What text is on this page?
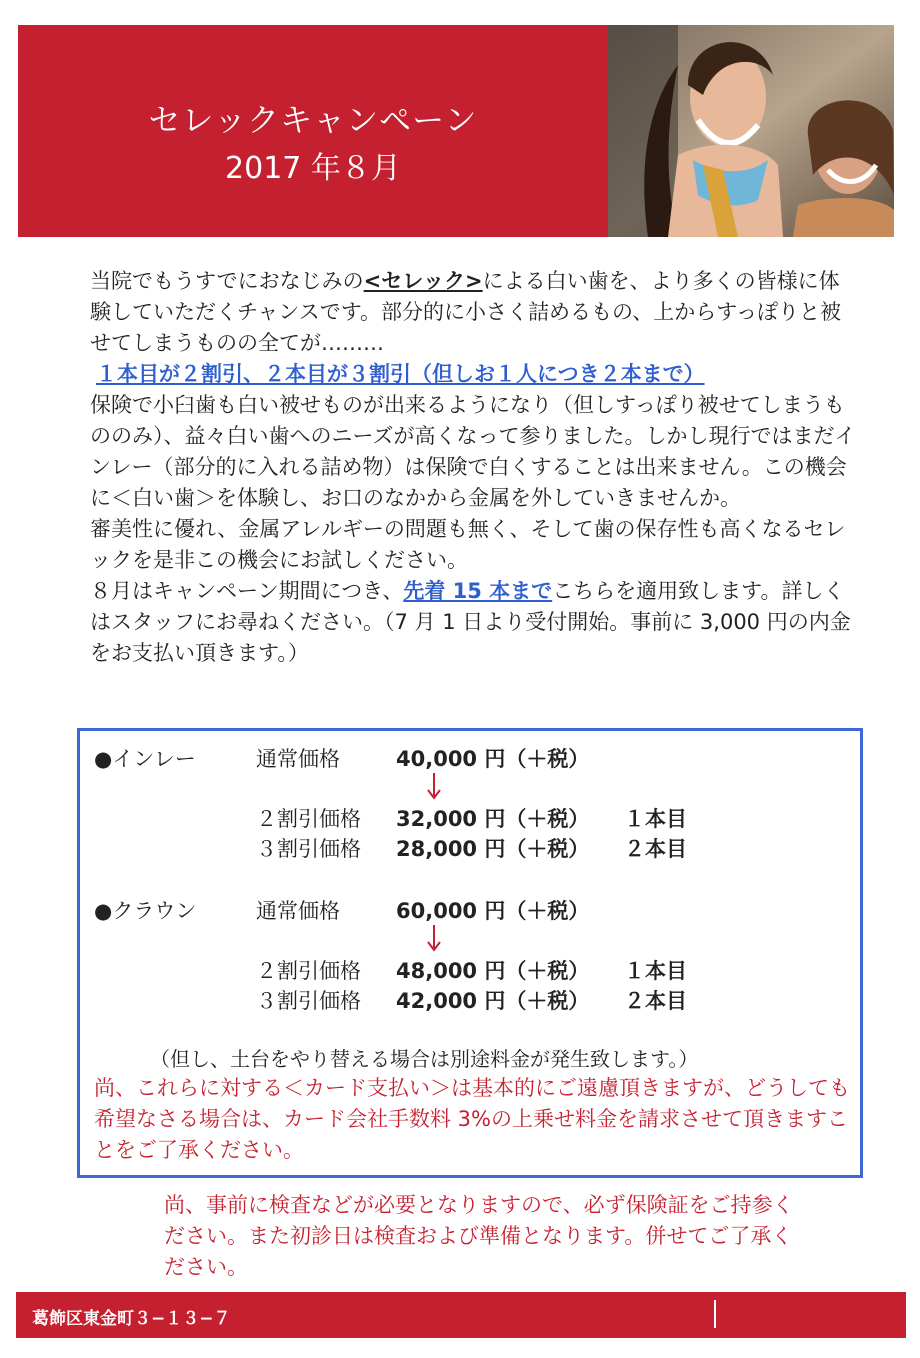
セレックキャンペーン
2017 年８月

当院でもうすでにおなじみの<セレック>による白い歯を、より多くの皆様に体験していただくチャンスです。部分的に小さく詰めるもの、上からすっぽりと被せてしまうものの全てが………

１本目が２割引、２本目が３割引（但しお１人につき２本まで）

保険で小臼歯も白い被せものが出来るようになり（但しすっぽり被せてしまうもののみ）、益々白い歯へのニーズが高くなって参りました。しかし現行ではまだインレー（部分的に入れる詰め物）は保険で白くすることは出来ません。この機会に＜白い歯＞を体験し、お口のなかから金属を外していきませんか。

審美性に優れ、金属アレルギーの問題も無く、そして歯の保存性も高くなるセレックを是非この機会にお試しください。

８月はキャンペーン期間につき、先着 15 本までこちらを適用致します。詳しくはスタッフにお尋ねください。（7 月 1 日より受付開始。事前に 3,000 円の内金をお支払い頂きます。）

●インレー	通常価格	40,000 円（＋税）
２割引価格 32,000 円（＋税） １本目
３割引価格 28,000 円（＋税） ２本目
●クラウン	通常価格	60,000 円（＋税）
２割引価格 48,000 円（＋税） １本目
３割引価格 42,000 円（＋税） ２本目
（但し、土台をやり替える場合は別途料金が発生致します。）
尚、これらに対する＜カード支払い＞は基本的にご遠慮頂きますが、どうしても希望なさる場合は、カード会社手数料 3%の上乗せ料金を請求させて頂きますことをご了承ください。
尚、事前に検査などが必要となりますので、必ず保険証をご持参ください。また初診日は検査および準備となります。併せてご了承ください。
葛飾区東金町３−１３−７
